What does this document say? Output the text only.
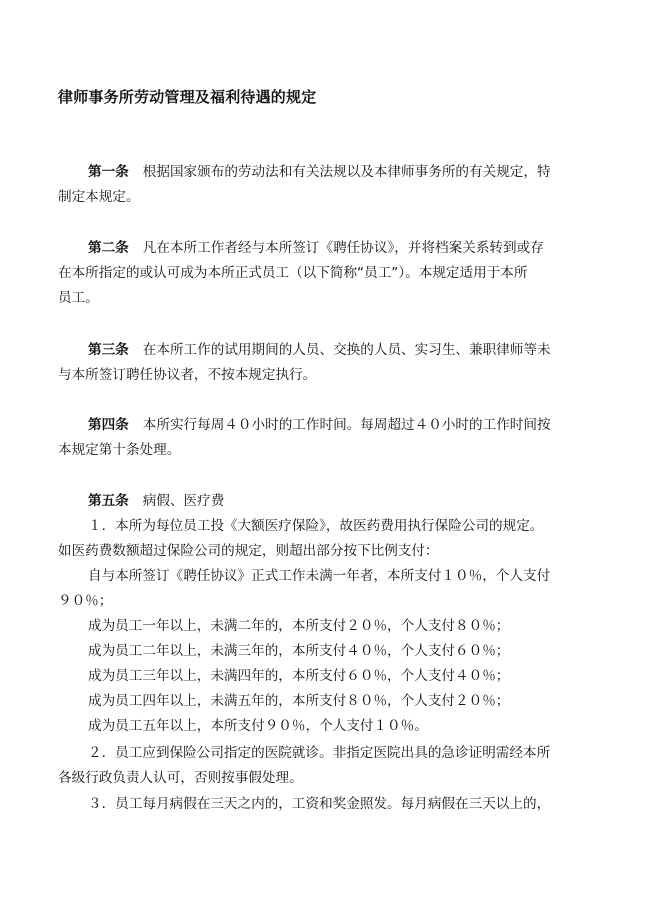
律师事务所劳动管理及福利待遇的规定
第一条 根据国家颁布的劳动法和有关法规以及本律师事务所的有关规定，特
制定本规定。
第二条 凡在本所工作者经与本所签订《聘任协议》，并将档案关系转到或存
在本所指定的或认可成为本所正式员工（以下简称“员工”）。本规定适用于本所
员工。
第三条 在本所工作的试用期间的人员、交换的人员、实习生、兼职律师等未
与本所签订聘任协议者，不按本规定执行。
第四条 本所实行每周４０小时的工作时间。每周超过４０小时的工作时间按
本规定第十条处理。
第五条 病假、医疗费
１．本所为每位员工投《大额医疗保险》，故医药费用执行保险公司的规定。
如医药费数额超过保险公司的规定，则超出部分按下比例支付：
自与本所签订《聘任协议》正式工作未满一年者，本所支付１０％，个人支付
９０％；
成为员工一年以上，未满二年的，本所支付２０％，个人支付８０％；
成为员工二年以上，未满三年的，本所支付４０％，个人支付６０％；
成为员工三年以上，未满四年的，本所支付６０％，个人支付４０％；
成为员工四年以上，未满五年的，本所支付８０％，个人支付２０％；
成为员工五年以上，本所支付９０％，个人支付１０％。
２．员工应到保险公司指定的医院就诊。非指定医院出具的急诊证明需经本所
各级行政负责人认可，否则按事假处理。
３．员工每月病假在三天之内的，工资和奖金照发。每月病假在三天以上的，
